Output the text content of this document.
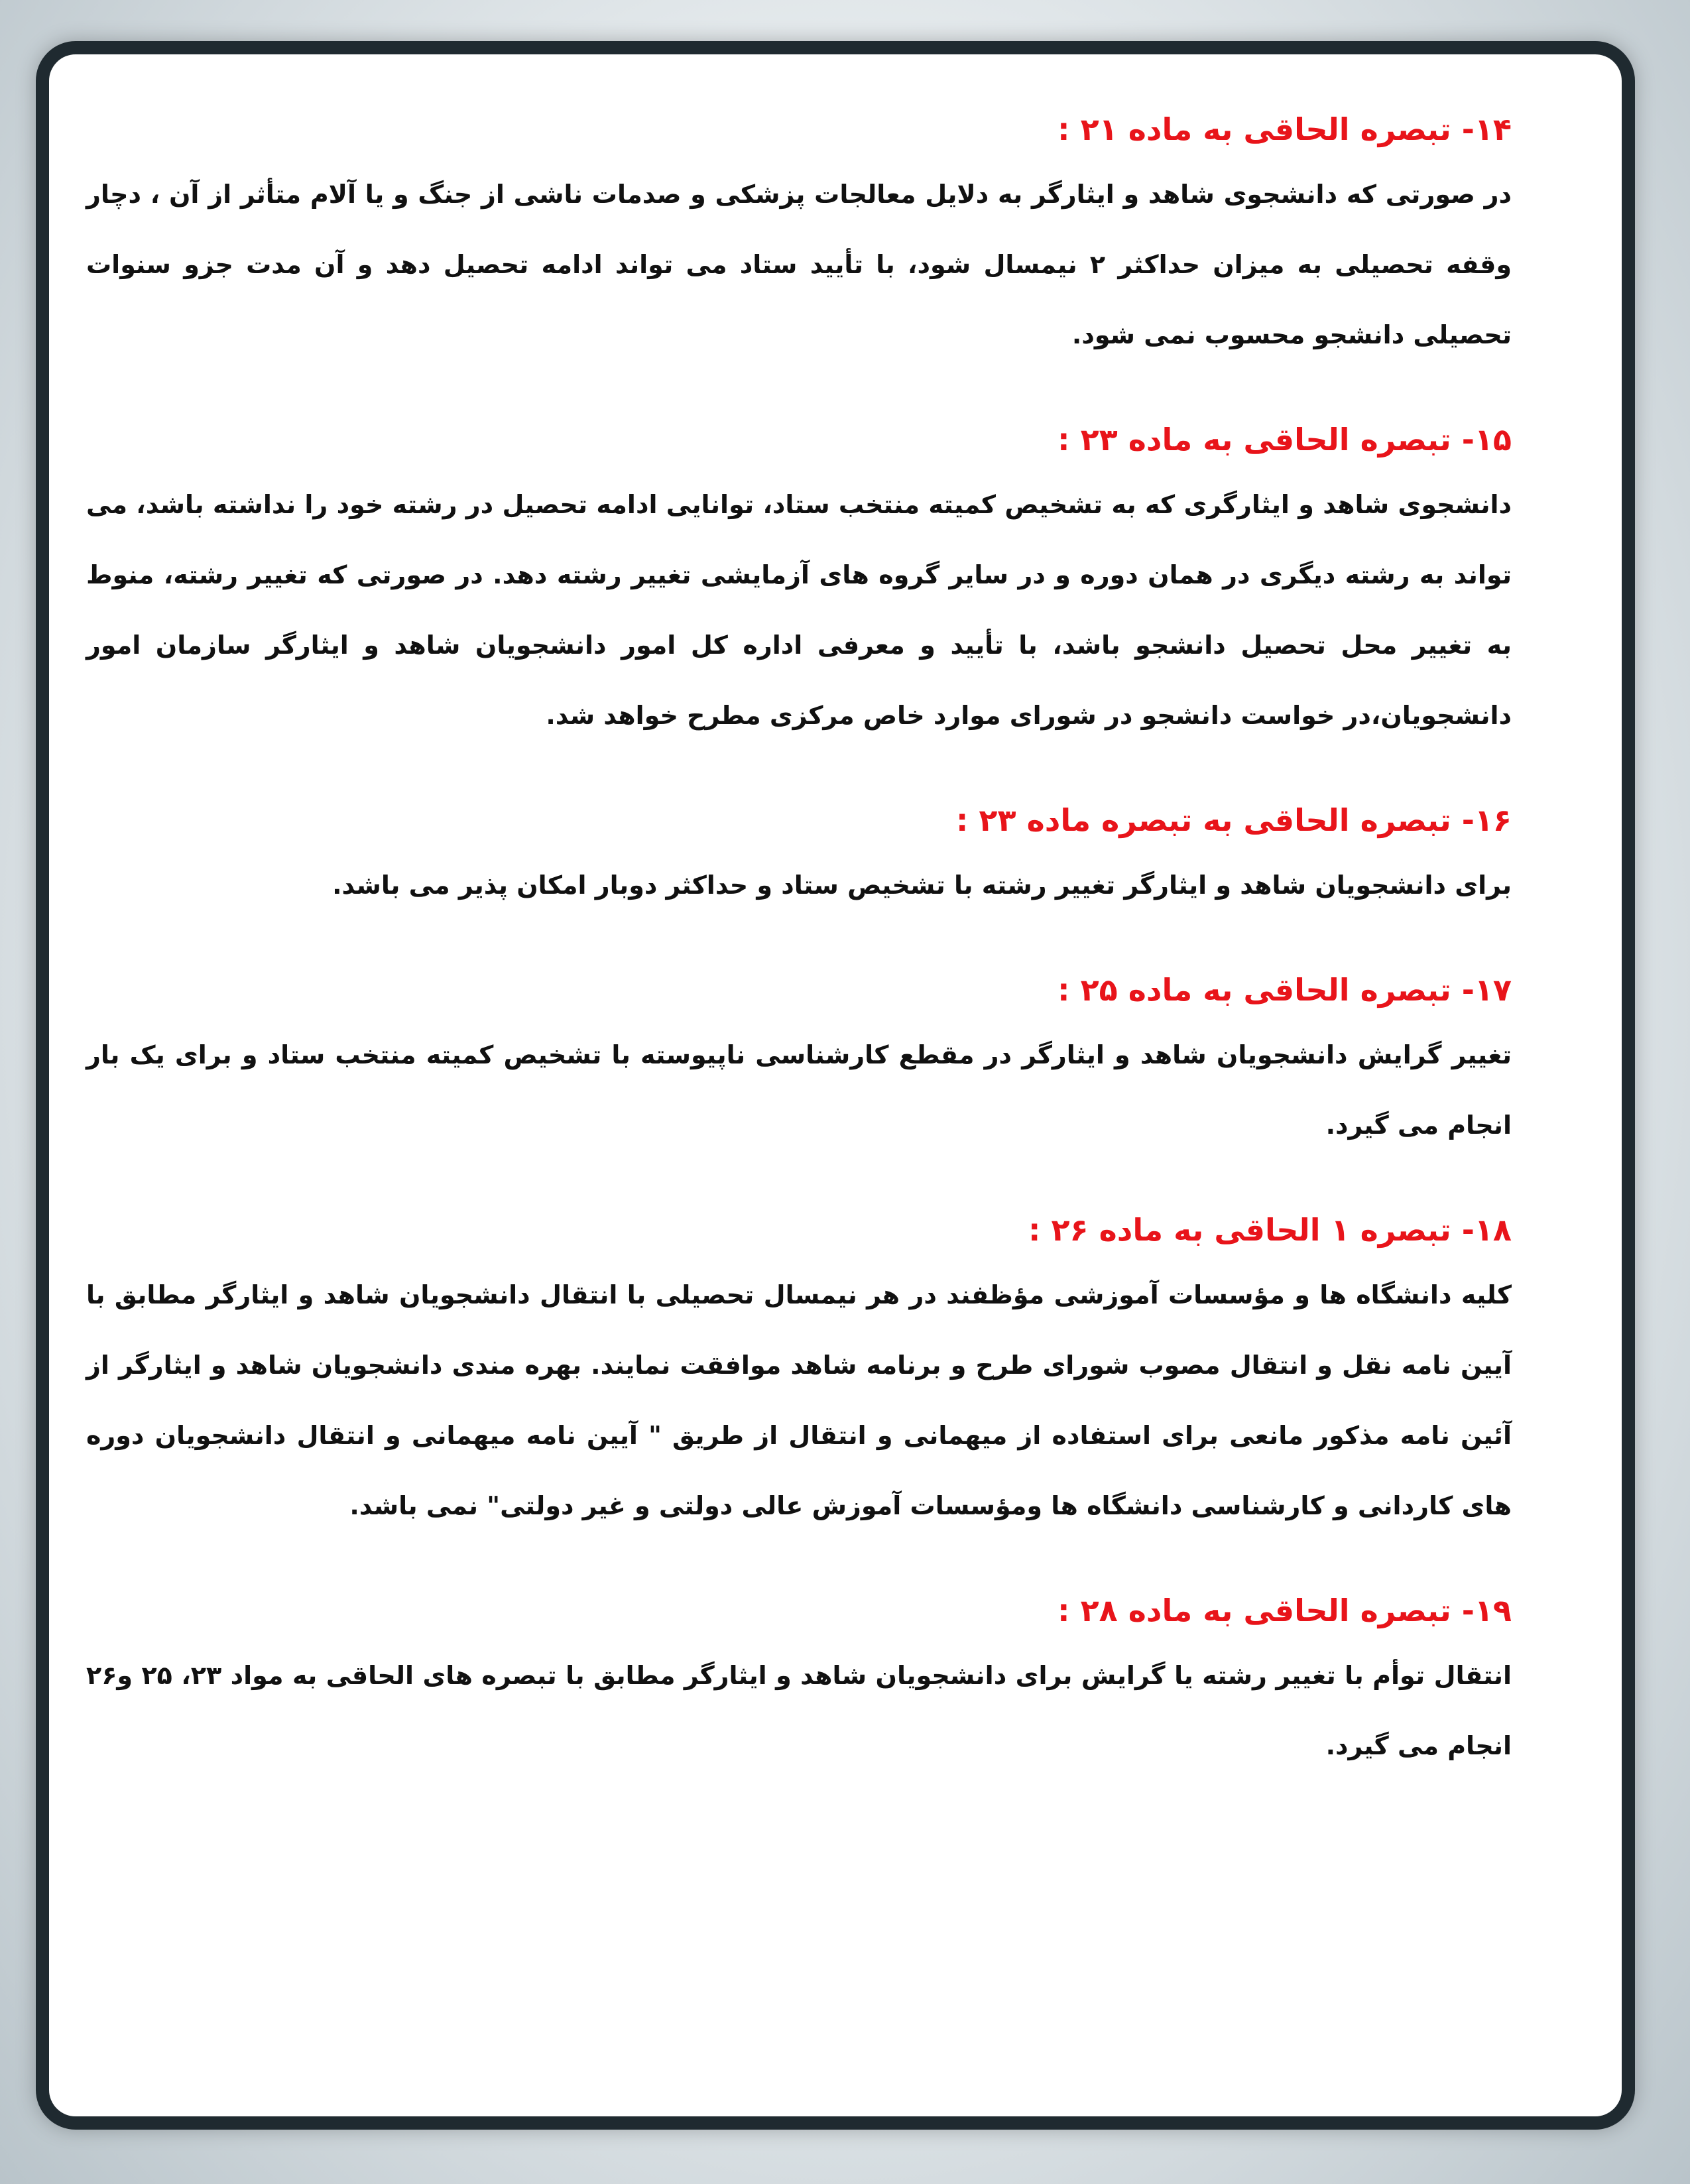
۱۴- تبصره الحاقی به ماده ۲۱ :

در صورتی که دانشجوی شاهد و ایثارگر به دلایل معالجات پزشکی و صدمات ناشی از جنگ و یا آلام متأثر از آن ، دچار وقفه تحصیلی به میزان حداکثر ۲ نیمسال شود، با تأیید ستاد می تواند ادامه تحصیل دهد و آن مدت جزو سنوات تحصیلی دانشجو محسوب نمی شود.

۱۵- تبصره الحاقی به ماده ۲۳ :

دانشجوی شاهد و ایثارگری که به تشخیص کمیته منتخب ستاد، توانایی ادامه تحصیل در رشته خود را نداشته باشد، می تواند به رشته دیگری در همان دوره و در سایر گروه های آزمایشی تغییر رشته دهد. در صورتی که تغییر رشته، منوط به تغییر محل تحصیل دانشجو باشد، با تأیید و معرفی اداره کل امور دانشجویان شاهد و ایثارگر سازمان امور دانشجویان،در خواست دانشجو در شورای موارد خاص مرکزی مطرح خواهد شد.

۱۶- تبصره الحاقی به تبصره ماده ۲۳ :

برای دانشجویان شاهد و ایثارگر تغییر رشته با تشخیص ستاد و حداکثر دوبار امکان پذیر می باشد.

۱۷- تبصره الحاقی به ماده ۲۵ :

تغییر گرایش دانشجویان شاهد و ایثارگر در مقطع کارشناسی ناپیوسته با تشخیص کمیته منتخب ستاد و برای یک بار انجام می گیرد.

۱۸- تبصره ۱ الحاقی به ماده ۲۶ :

کلیه دانشگاه ها و مؤسسات آموزشی مؤظفند در هر نیمسال تحصیلی با انتقال دانشجویان شاهد و ایثارگر مطابق با آیین نامه نقل و انتقال مصوب شورای طرح و برنامه شاهد موافقت نمایند. بهره مندی دانشجویان شاهد و ایثارگر از آئین نامه مذکور مانعی برای استفاده از میهمانی و انتقال از طریق " آیین نامه میهمانی و انتقال دانشجویان دوره های کاردانی و کارشناسی دانشگاه ها ومؤسسات آموزش عالی دولتی و غیر دولتی" نمی باشد.

۱۹- تبصره الحاقی به ماده ۲۸ :

انتقال توأم با تغییر رشته یا گرایش برای دانشجویان شاهد و ایثارگر مطابق با تبصره های الحاقی به مواد ۲۳، ۲۵ و۲۶ انجام می گیرد.
